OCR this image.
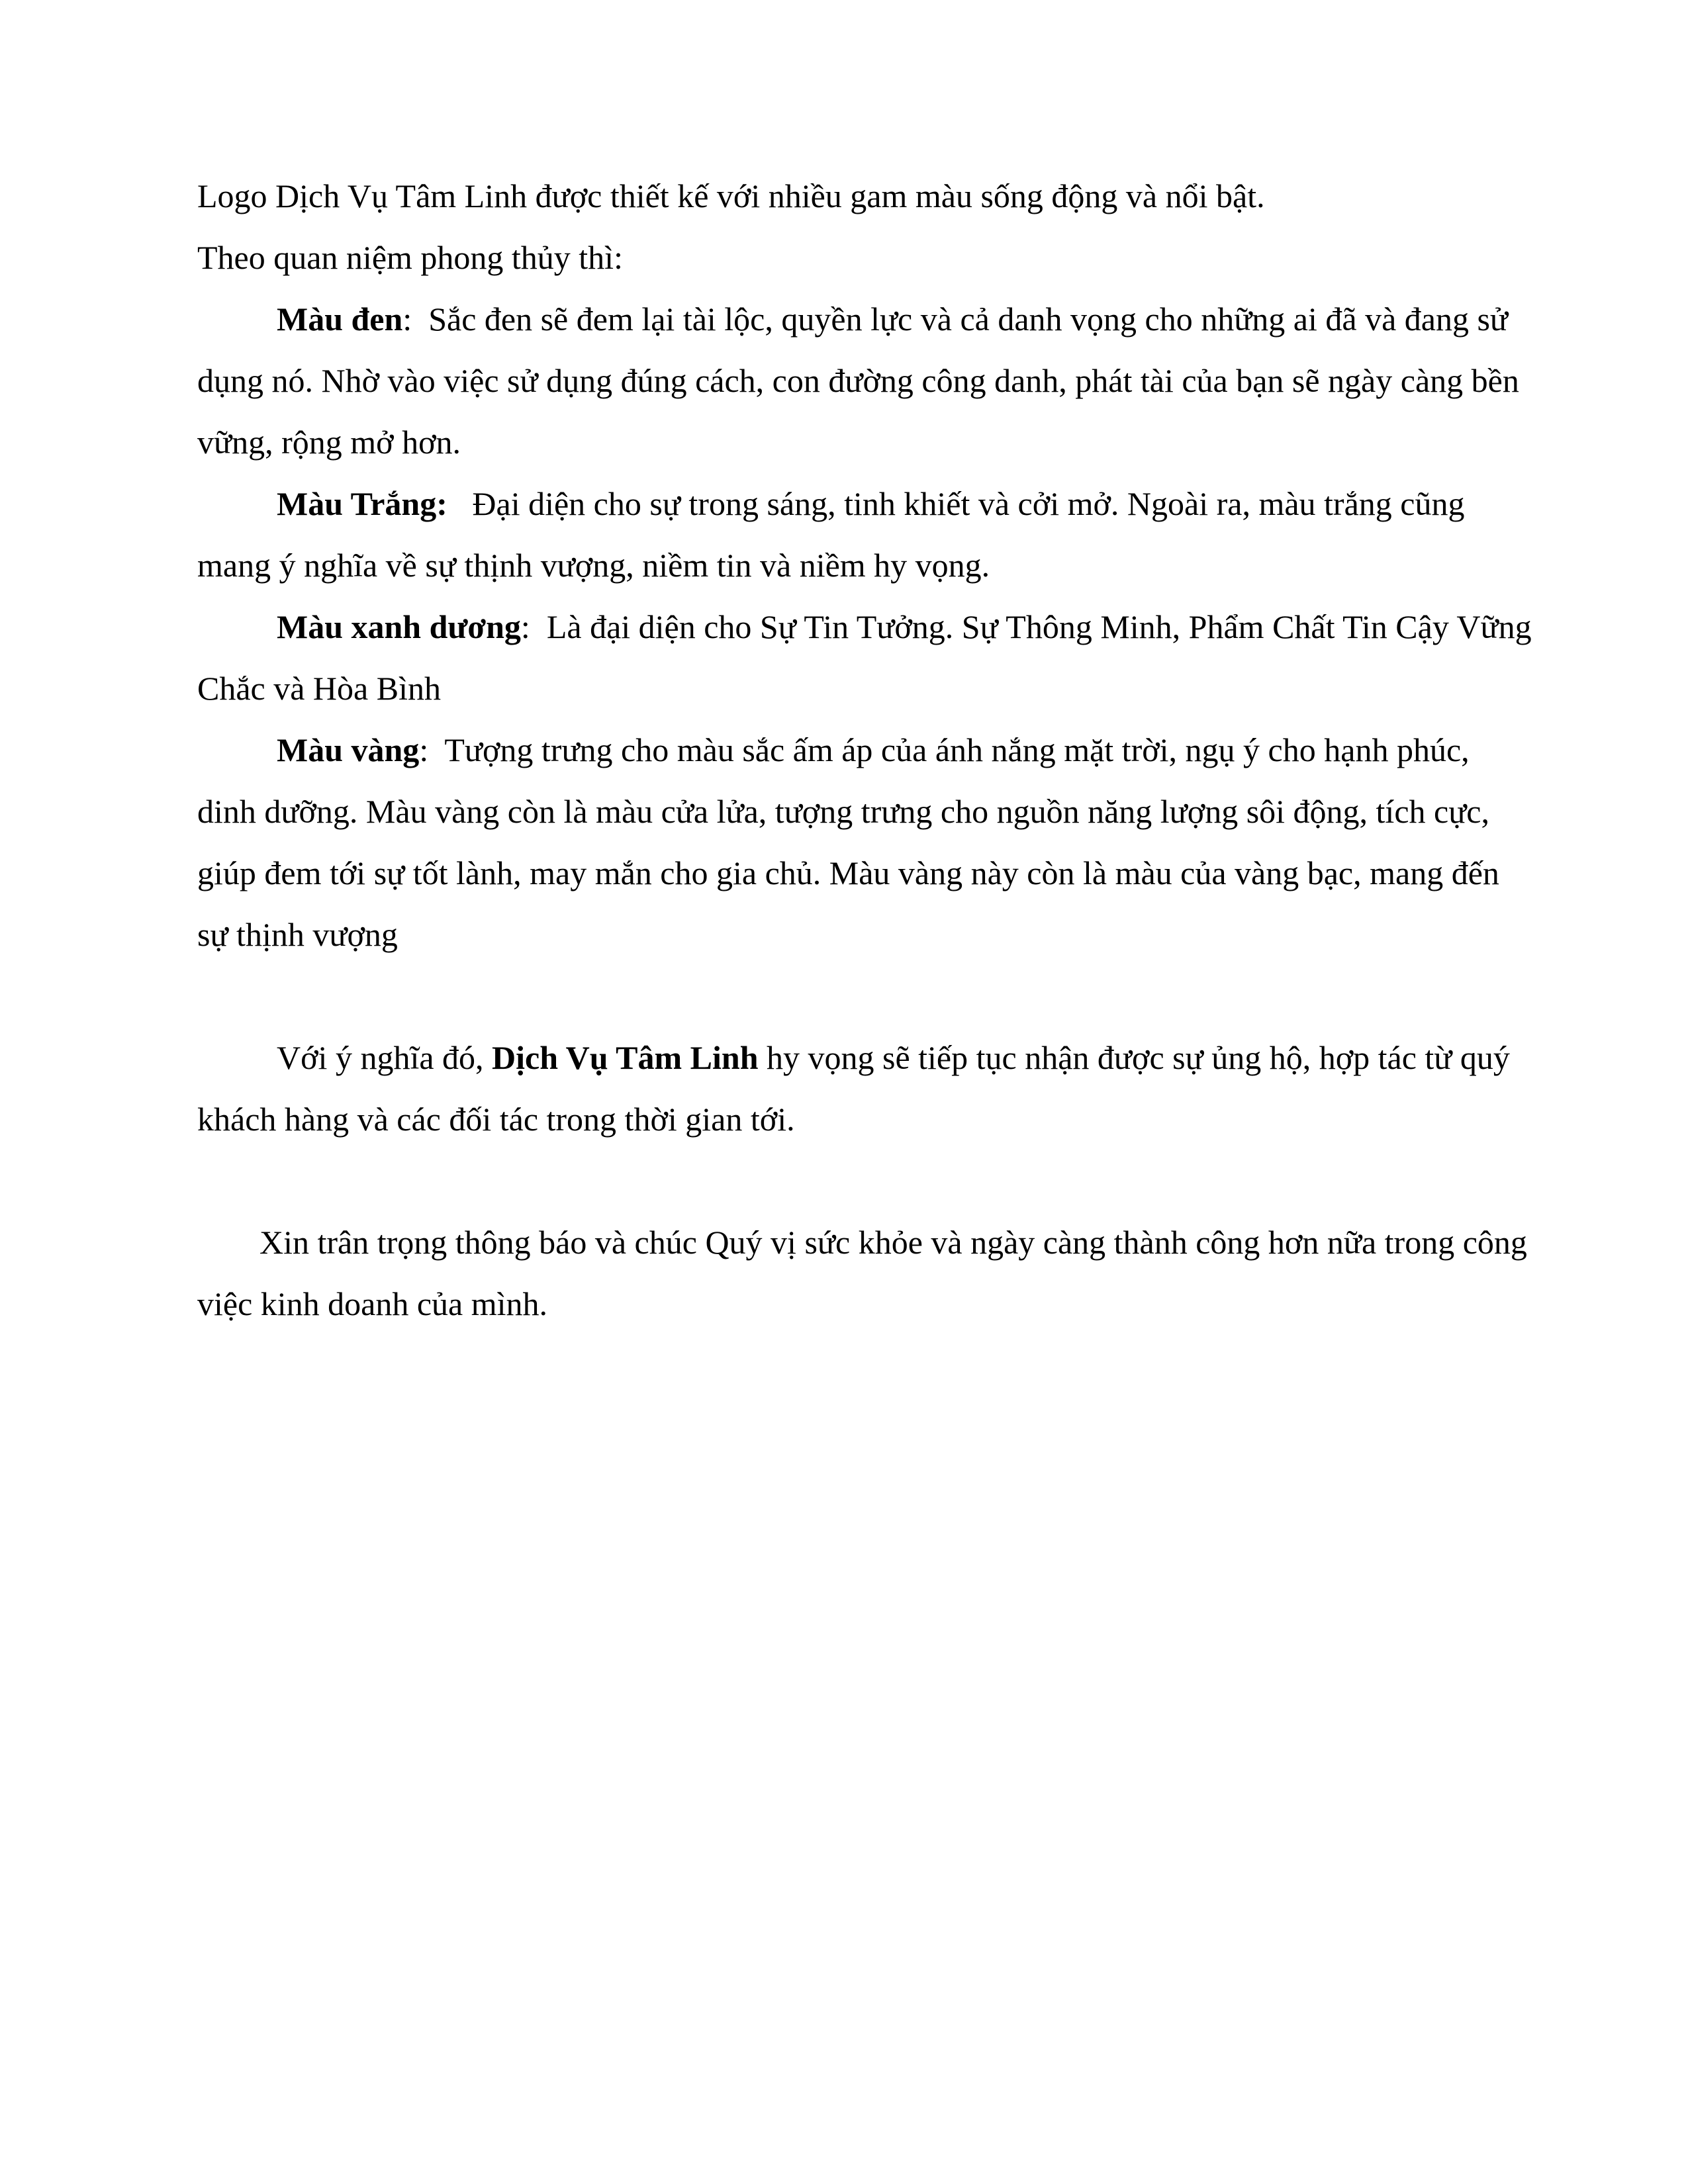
Logo Dịch Vụ Tâm Linh được thiết kế với nhiều gam màu sống động và nổi bật.

Theo quan niệm phong thủy thì:

Màu đen:  Sắc đen sẽ đem lại tài lộc, quyền lực và cả danh vọng cho những ai đã và đang sử dụng nó. Nhờ vào việc sử dụng đúng cách, con đường công danh, phát tài của bạn sẽ ngày càng bền vững, rộng mở hơn.

Màu Trắng:   Đại diện cho sự trong sáng, tinh khiết và cởi mở. Ngoài ra, màu trắng cũng mang ý nghĩa về sự thịnh vượng, niềm tin và niềm hy vọng.

Màu xanh dương:  Là đại diện cho Sự Tin Tưởng. Sự Thông Minh, Phẩm Chất Tin Cậy Vững Chắc và Hòa Bình

Màu vàng:  Tượng trưng cho màu sắc ấm áp của ánh nắng mặt trời, ngụ ý cho hạnh phúc, dinh dưỡng. Màu vàng còn là màu cửa lửa, tượng trưng cho nguồn năng lượng sôi động, tích cực, giúp đem tới sự tốt lành, may mắn cho gia chủ. Màu vàng này còn là màu của vàng bạc, mang đến sự thịnh vượng

Với ý nghĩa đó, Dịch Vụ Tâm Linh hy vọng sẽ tiếp tục nhận được sự ủng hộ, hợp tác từ quý khách hàng và các đối tác trong thời gian tới.

Xin trân trọng thông báo và chúc Quý vị sức khỏe và ngày càng thành công hơn nữa trong công việc kinh doanh của mình.
